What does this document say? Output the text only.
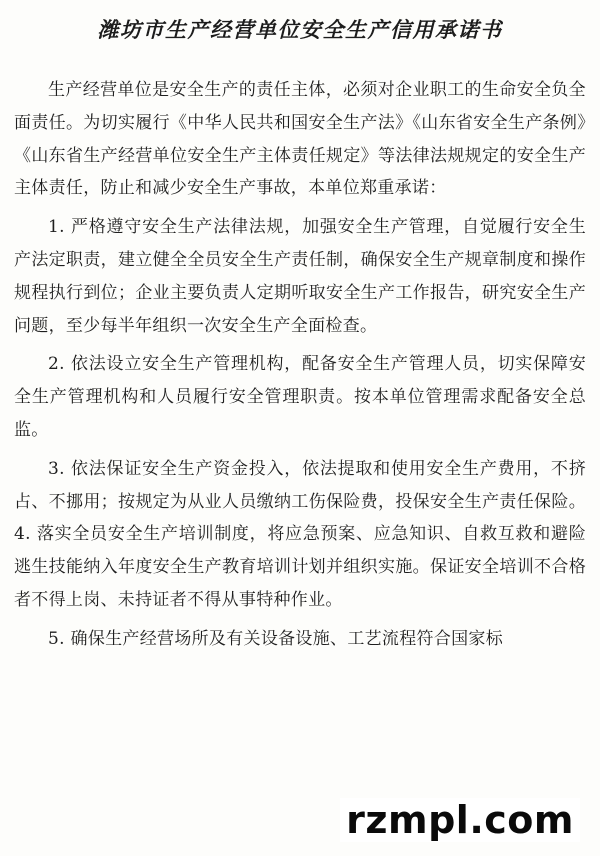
潍坊市生产经营单位安全生产信用承诺书

生产经营单位是安全生产的责任主体，必须对企业职工的生命安全负全面责任。为切实履行《中华人民共和国安全生产法》《山东省安全生产条例》《山东省生产经营单位安全生产主体责任规定》等法律法规规定的安全生产主体责任，防止和减少安全生产事故，本单位郑重承诺：

1. 严格遵守安全生产法律法规，加强安全生产管理，自觉履行安全生产法定职责，建立健全全员安全生产责任制，确保安全生产规章制度和操作规程执行到位；企业主要负责人定期听取安全生产工作报告，研究安全生产问题，至少每半年组织一次安全生产全面检查。

2. 依法设立安全生产管理机构，配备安全生产管理人员，切实保障安全生产管理机构和人员履行安全管理职责。按本单位管理需求配备安全总监。

3. 依法保证安全生产资金投入，依法提取和使用安全生产费用，不挤占、不挪用；按规定为从业人员缴纳工伤保险费，投保安全生产责任保险。4. 落实全员安全生产培训制度，将应急预案、应急知识、自救互救和避险逃生技能纳入年度安全生产教育培训计划并组织实施。保证安全培训不合格者不得上岗、未持证者不得从事特种作业。

5. 确保生产经营场所及有关设备设施、工艺流程符合国家标

rzmpl.com
